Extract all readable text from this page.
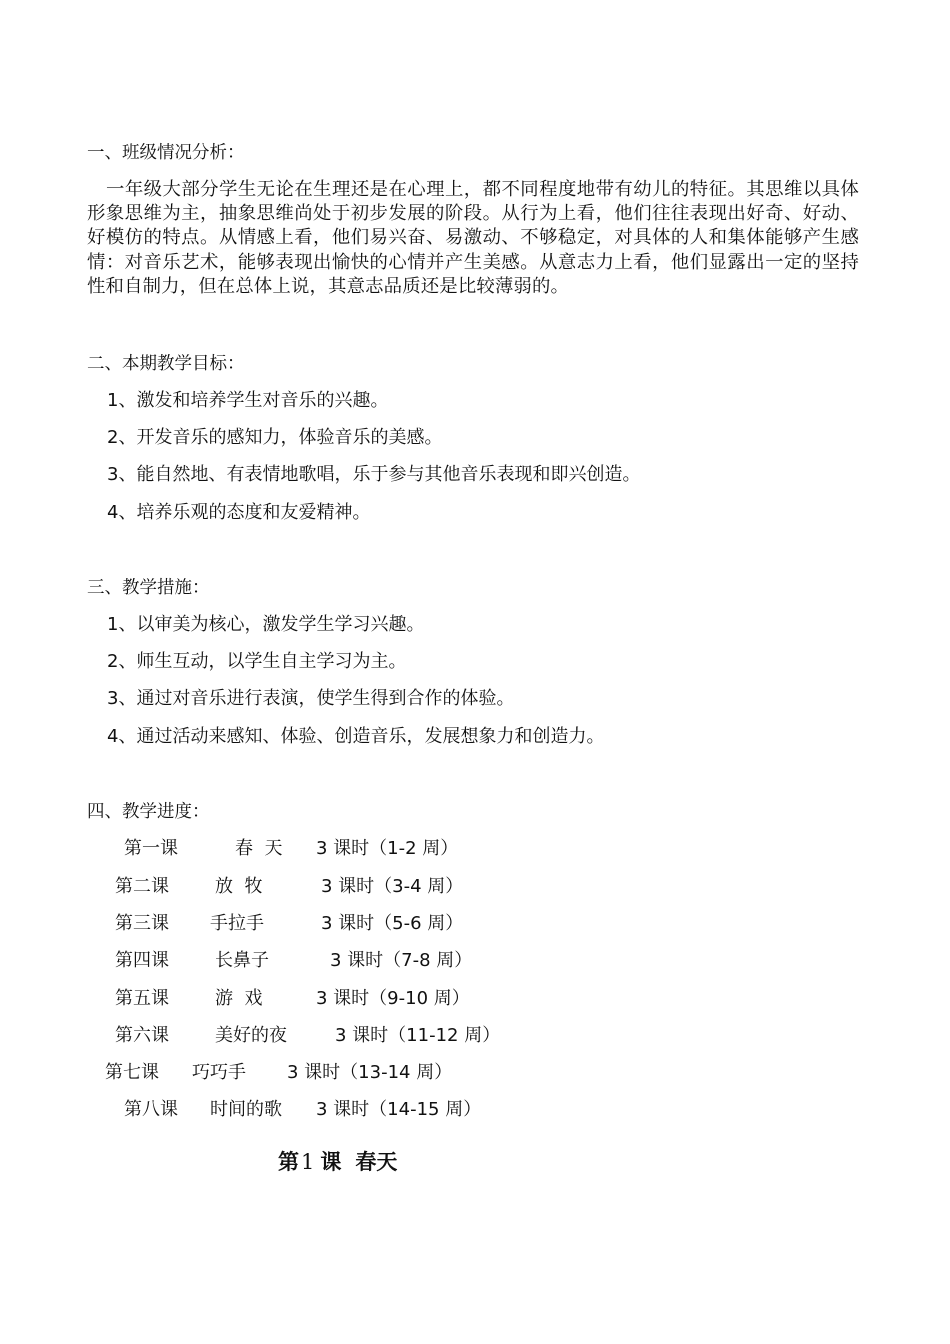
一、班级情况分析：
一年级大部分学生无论在生理还是在心理上，都不同程度地带有幼儿的特征。其思维以具体形象思维为主，抽象思维尚处于初步发展的阶段。从行为上看，他们往往表现出好奇、好动、好模仿的特点。从情感上看，他们易兴奋、易激动、不够稳定，对具体的人和集体能够产生感情：对音乐艺术，能够表现出愉快的心情并产生美感。从意志力上看，他们显露出一定的坚持性和自制力，但在总体上说，其意志品质还是比较薄弱的。
二、本期教学目标：
1、激发和培养学生对音乐的兴趣。
2、开发音乐的感知力，体验音乐的美感。
3、能自然地、有表情地歌唱，乐于参与其他音乐表现和即兴创造。
4、培养乐观的态度和友爱精神。
三、教学措施：
1、以审美为核心，激发学生学习兴趣。
2、师生互动，以学生自主学习为主。
3、通过对音乐进行表演，使学生得到合作的体验。
4、通过活动来感知、体验、创造音乐，发展想象力和创造力。
四、教学进度：
第一课	春  天 3 课时（1-2 周）
第二课	放  牧	3 课时（3-4 周）
第三课 手拉手	3 课时（5-6 周）
第四课	长鼻子	3 课时（7-8 周）
第五课	游  戏	3 课时（9-10 周）
第六课	美好的夜	3 课时（11-12 周）
第七课 巧巧手 3 课时（13-14 周）
第八课 时间的歌 3 课时（14-15 周）
第1 课 春天
